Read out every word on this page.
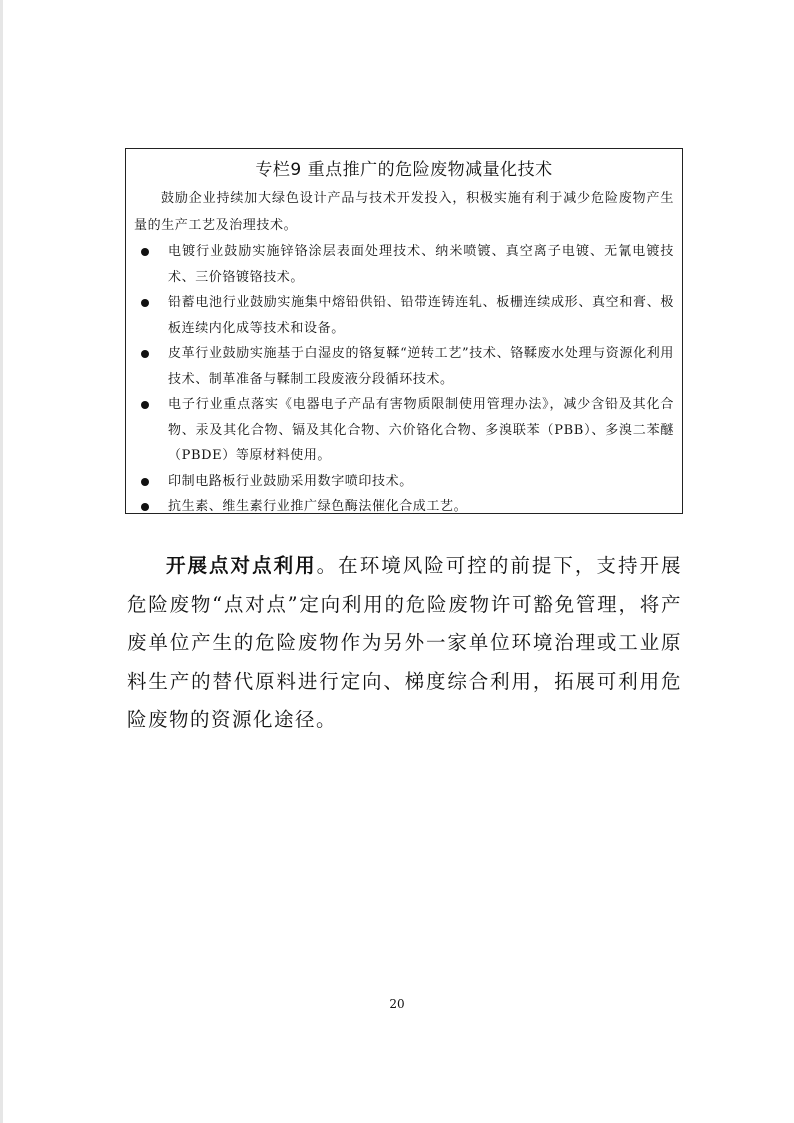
专栏9 重点推广的危险废物减量化技术
鼓励企业持续加大绿色设计产品与技术开发投入，积极实施有利于减少危险废物产生量的生产工艺及治理技术。
电镀行业鼓励实施锌铬涂层表面处理技术、纳米喷镀、真空离子电镀、无氰电镀技术、三价铬镀铬技术。
铅蓄电池行业鼓励实施集中熔铅供铅、铅带连铸连轧、板栅连续成形、真空和膏、极板连续内化成等技术和设备。
皮革行业鼓励实施基于白湿皮的铬复鞣“逆转工艺”技术、铬鞣废水处理与资源化利用技术、制革准备与鞣制工段废液分段循环技术。
电子行业重点落实《电器电子产品有害物质限制使用管理办法》，减少含铅及其化合物、汞及其化合物、镉及其化合物、六价铬化合物、多溴联苯（PBB）、多溴二苯醚（PBDE）等原材料使用。
印制电路板行业鼓励采用数字喷印技术。
抗生素、维生素行业推广绿色酶法催化合成工艺。

开展点对点利用。在环境风险可控的前提下，支持开展危险废物“点对点”定向利用的危险废物许可豁免管理，将产废单位产生的危险废物作为另外一家单位环境治理或工业原料生产的替代原料进行定向、梯度综合利用，拓展可利用危险废物的资源化途径。

20
